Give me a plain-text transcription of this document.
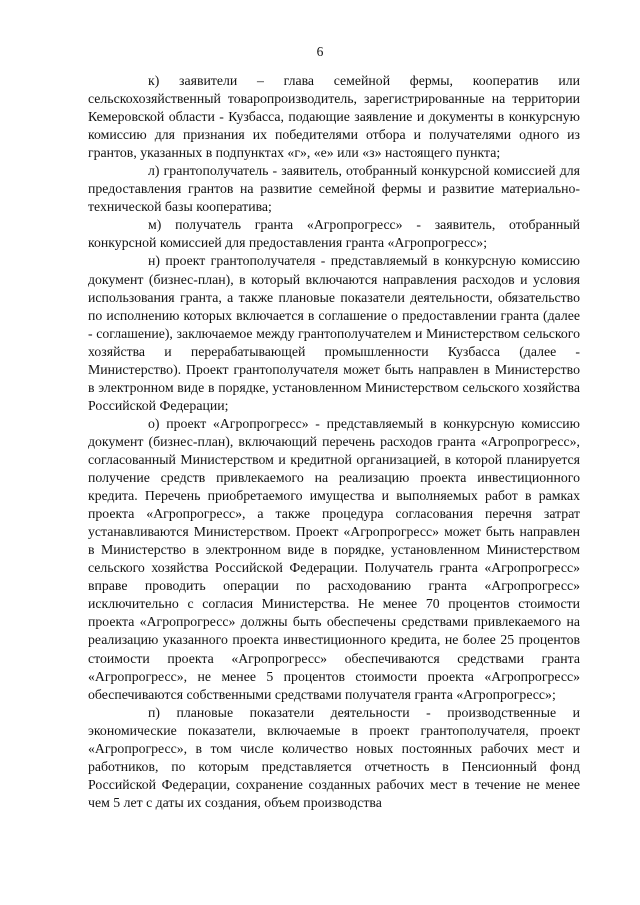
6

к) заявители – глава семейной фермы, кооператив или сельскохозяйственный товаропроизводитель, зарегистрированные на территории Кемеровской области - Кузбасса, подающие заявление и документы в конкурсную комиссию для признания их победителями отбора и получателями одного из грантов, указанных в подпунктах «г», «е» или «з» настоящего пункта;

л) грантополучатель - заявитель, отобранный конкурсной комиссией для предоставления грантов на развитие семейной фермы и развитие материально-технической базы кооператива;

м) получатель гранта «Агропрогресс» - заявитель, отобранный конкурсной комиссией для предоставления гранта «Агропрогресс»;

н) проект грантополучателя - представляемый в конкурсную комиссию документ (бизнес-план), в который включаются направления расходов и условия использования гранта, а также плановые показатели деятельности, обязательство по исполнению которых включается в соглашение о предоставлении гранта (далее - соглашение), заключаемое между грантополучателем и Министерством сельского хозяйства и перерабатывающей промышленности Кузбасса (далее - Министерство). Проект грантополучателя может быть направлен в Министерство в электронном виде в порядке, установленном Министерством сельского хозяйства Российской Федерации;

о) проект «Агропрогресс» - представляемый в конкурсную комиссию документ (бизнес-план), включающий перечень расходов гранта «Агропрогресс», согласованный Министерством и кредитной организацией, в которой планируется получение средств привлекаемого на реализацию проекта инвестиционного кредита. Перечень приобретаемого имущества и выполняемых работ в рамках проекта «Агропрогресс», а также процедура согласования перечня затрат устанавливаются Министерством. Проект «Агропрогресс» может быть направлен в Министерство в электронном виде в порядке, установленном Министерством сельского хозяйства Российской Федерации. Получатель гранта «Агропрогресс» вправе проводить операции по расходованию гранта «Агропрогресс» исключительно с согласия Министерства. Не менее 70 процентов стоимости проекта «Агропрогресс» должны быть обеспечены средствами привлекаемого на реализацию указанного проекта инвестиционного кредита, не более 25 процентов стоимости проекта «Агропрогресс» обеспечиваются средствами гранта «Агропрогресс», не менее 5 процентов стоимости проекта «Агропрогресс» обеспечиваются собственными средствами получателя гранта «Агропрогресс»;

п) плановые показатели деятельности - производственные и экономические показатели, включаемые в проект грантополучателя, проект «Агропрогресс», в том числе количество новых постоянных рабочих мест и работников, по которым представляется отчетность в Пенсионный фонд Российской Федерации, сохранение созданных рабочих мест в течение не менее чем 5 лет с даты их создания, объем производства
